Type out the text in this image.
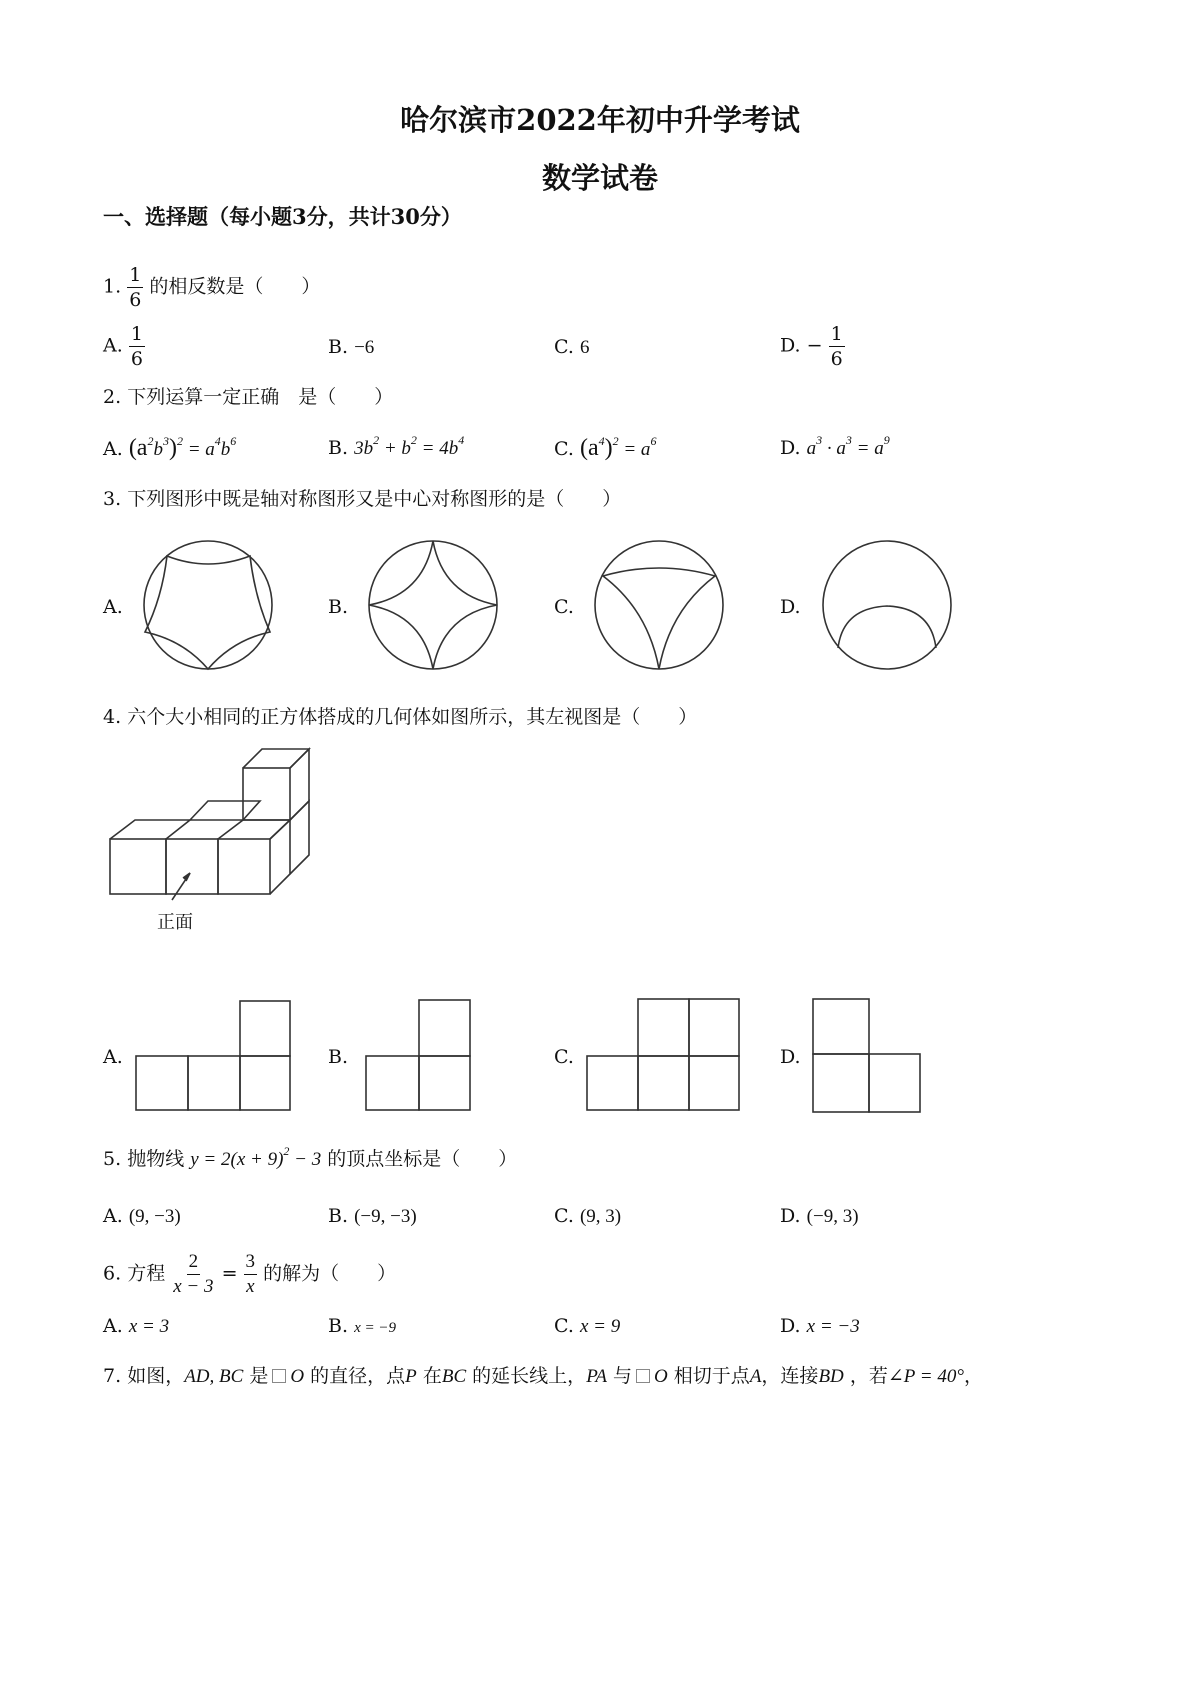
哈尔滨市2022年初中升学考试
数学试卷
一、选择题（每小题3分，共计30分）
1. $\frac{1}{6}$ 的相反数是（　　）
A. $\frac{1}{6}$	B. −6	C. 6	D. − $\frac{1}{6}$
2. 下列运算一定正确　是（　　）
A. $(a^2b^3)^2 = a^4b^6$	B. $3b^2 + b^2 = 4b^4$	C. $(a^4)^2 = a^6$	D. $a^3 \cdot a^3 = a^9$
3. 下列图形中既是轴对称图形又是中心对称图形的是（　　）
A.	B.	C.	D.
4. 六个大小相同的正方体搭成的几何体如图所示，其左视图是（　　）
正面
A.	B.	C.	D.
5. 抛物线 $y = 2(x + 9)^2 - 3$ 的顶点坐标是（　　）
A. (9, −3)	B. (−9, −3)	C. (9, 3)	D. (−9, 3)
6. 方程 $\frac{2}{x - 3} = \frac{3}{x}$ 的解为（　　）
A. x = 3	B. x = −9	C. x = 9	D. x = −3
7. 如图，AD, BC 是 O 的直径，点P 在BC 的延长线上，PA 与 O 相切于点A，连接BD ，若∠P = 40°，
